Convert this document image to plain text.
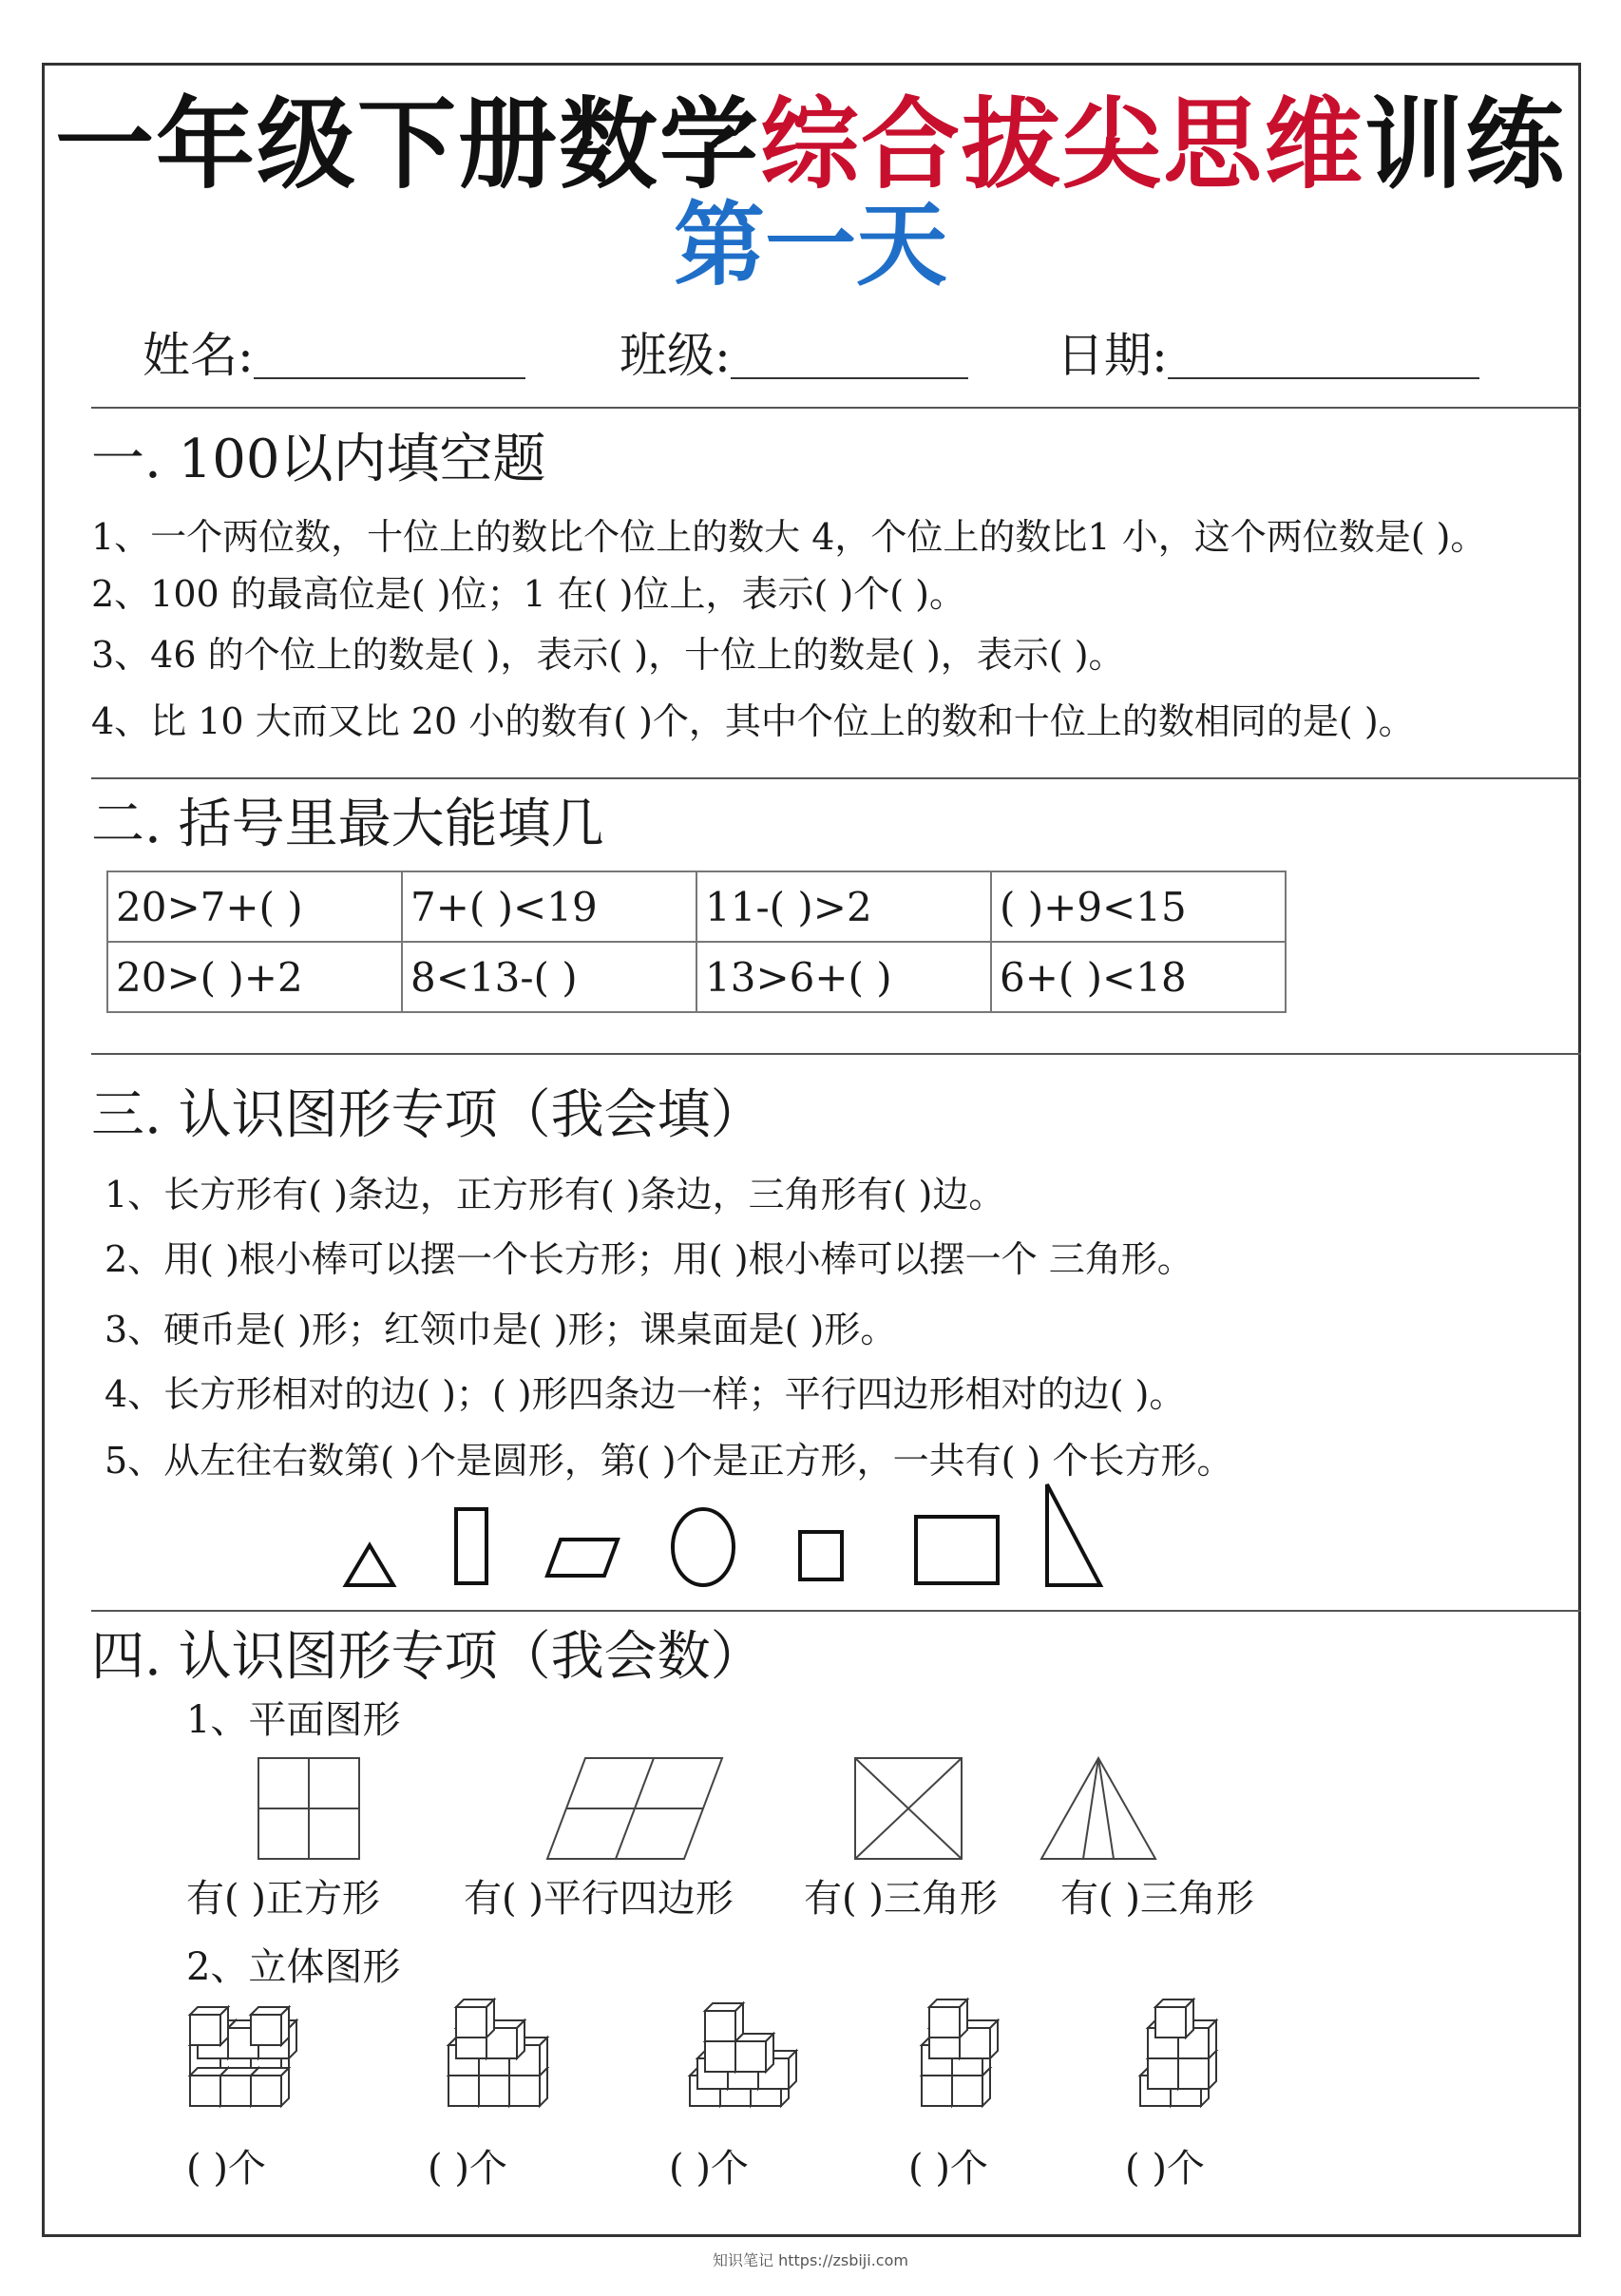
一年级下册数学综合拔尖思维训练
第一天
姓名:	班级:	日期:
一. 100以内填空题
1、一个两位数，十位上的数比个位上的数大 4，个位上的数比1 小，这个两位数是( )。
2、100 的最高位是( )位；1 在( )位上，表示( )个( )。
3、46 的个位上的数是( )，表示( )，十位上的数是( )，表示( )。
4、比 10 大而又比 20 小的数有( )个，其中个位上的数和十位上的数相同的是( )。
二. 括号里最大能填几
20>7+( )	7+( )<19	11-( )>2	( )+9<15
20>( )+2	8<13-( )	13>6+( )	6+( )<18
三. 认识图形专项（我会填）
1、长方形有( )条边，正方形有( )条边，三角形有( )边。
2、用( )根小棒可以摆一个长方形；用( )根小棒可以摆一个 三角形。
3、硬币是( )形；红领巾是( )形；课桌面是( )形。
4、长方形相对的边( )；( )形四条边一样；平行四边形相对的边( )。
5、从左往右数第( )个是圆形，第( )个是正方形，一共有( ) 个长方形。
四. 认识图形专项（我会数）
1、平面图形
有( )正方形 有( )平行四边形 有( )三角形 有( )三角形
2、立体图形
( )个	( )个	( )个	( )个	( )个
知识笔记 https://zsbiji.com
